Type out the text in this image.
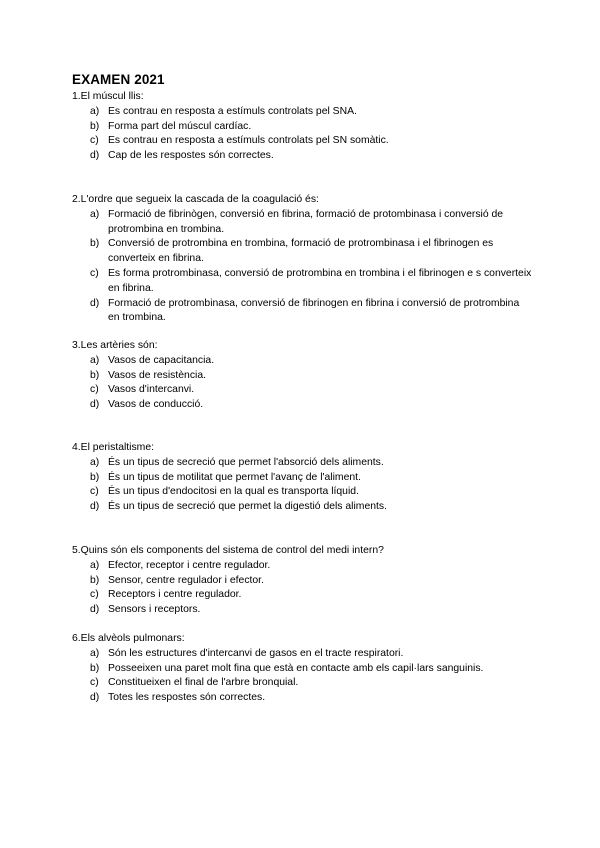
EXAMEN 2021

1.El múscul llis:

a) Es contrau en resposta a estímuls controlats pel SNA.
b) Forma part del múscul cardíac.
c) Es contrau en resposta a estímuls controlats pel SN somàtic.
d) Cap de les respostes són correctes.

2.L'ordre que segueix la cascada de la coagulació és:

a) Formació de fibrinògen, conversió en fibrina, formació de protombinasa i conversió de protrombina en trombina.
b) Conversió de protrombina en trombina, formació de protrombinasa i el fibrinogen es converteix en fibrina.
c) Es forma protrombinasa, conversió de protrombina en trombina i el fibrinogen e s converteix en fibrina.
d) Formació de protrombinasa, conversió de fibrinogen en fibrina i conversió de protrombina en trombina.

3.Les artèries són:

a) Vasos de capacitancia.
b) Vasos de resistència.
c) Vasos d'intercanvi.
d) Vasos de conducció.

4.El peristaltisme:

a) És un tipus de secreció que permet l'absorció dels aliments.
b) És un tipus de motilitat que permet l'avanç de l'aliment.
c) És un tipus d'endocitosi en la qual es transporta líquid.
d) És un tipus de secreció que permet la digestió dels aliments.

5.Quins són els components del sistema de control del medi intern?

a) Efector, receptor i centre regulador.
b) Sensor, centre regulador i efector.
c) Receptors i centre regulador.
d) Sensors i receptors.

6.Els alvèols pulmonars:

a) Són les estructures d'intercanvi de gasos en el tracte respiratori.
b) Posseeixen una paret molt fina que està en contacte amb els capil·lars sanguinis.
c) Constitueixen el final de l'arbre bronquial.
d) Totes les respostes són correctes.
